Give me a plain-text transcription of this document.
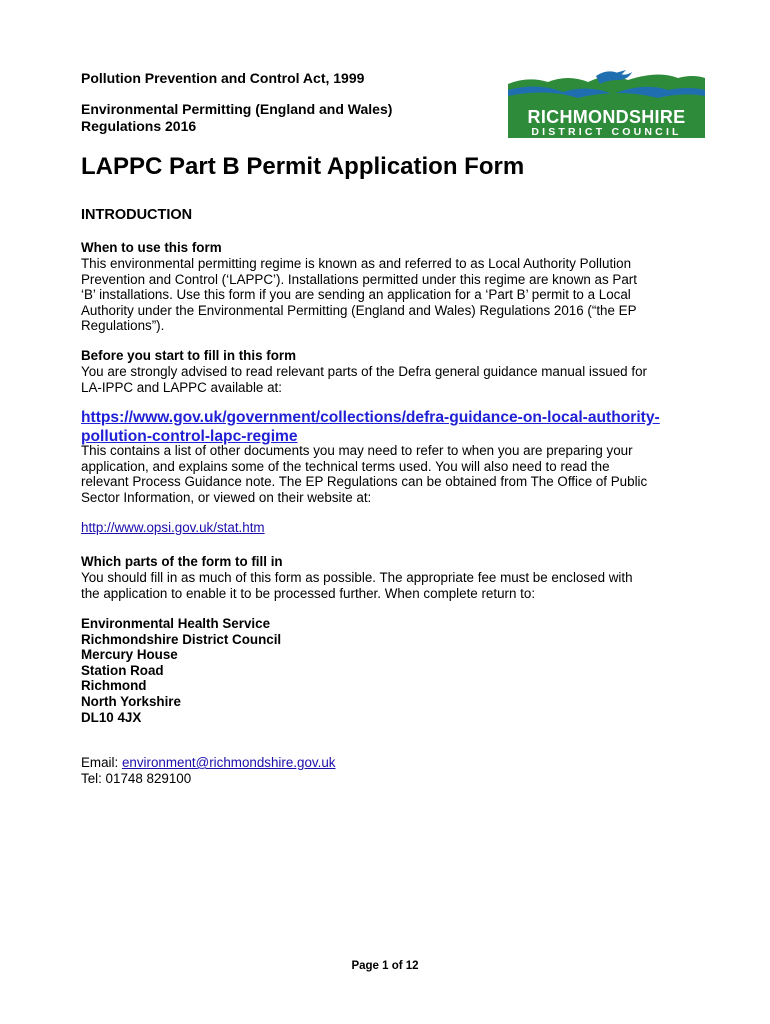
Pollution Prevention and Control Act, 1999
Environmental Permitting (England and Wales)
Regulations 2016	RICHMONDSHIRE
DISTRICT COUNCIL
LAPPC Part B Permit Application Form
INTRODUCTION
When to use this form
This environmental permitting regime is known as and referred to as Local Authority Pollution
Prevention and Control (‘LAPPC’). Installations permitted under this regime are known as Part
‘B’ installations. Use this form if you are sending an application for a ‘Part B’ permit to a Local
Authority under the Environmental Permitting (England and Wales) Regulations 2016 (“the EP
Regulations”).
Before you start to fill in this form
You are strongly advised to read relevant parts of the Defra general guidance manual issued for
LA-IPPC and LAPPC available at:
https://www.gov.uk/government/collections/defra-guidance-on-local-authority-
pollution-control-lapc-regime
This contains a list of other documents you may need to refer to when you are preparing your
application, and explains some of the technical terms used. You will also need to read the
relevant Process Guidance note. The EP Regulations can be obtained from The Office of Public
Sector Information, or viewed on their website at:
http://www.opsi.gov.uk/stat.htm
Which parts of the form to fill in
You should fill in as much of this form as possible. The appropriate fee must be enclosed with
the application to enable it to be processed further. When complete return to:
Environmental Health Service
Richmondshire District Council
Mercury House
Station Road
Richmond
North Yorkshire
DL10 4JX
Email: environment@richmondshire.gov.uk
Tel: 01748 829100
Page 1 of 12
